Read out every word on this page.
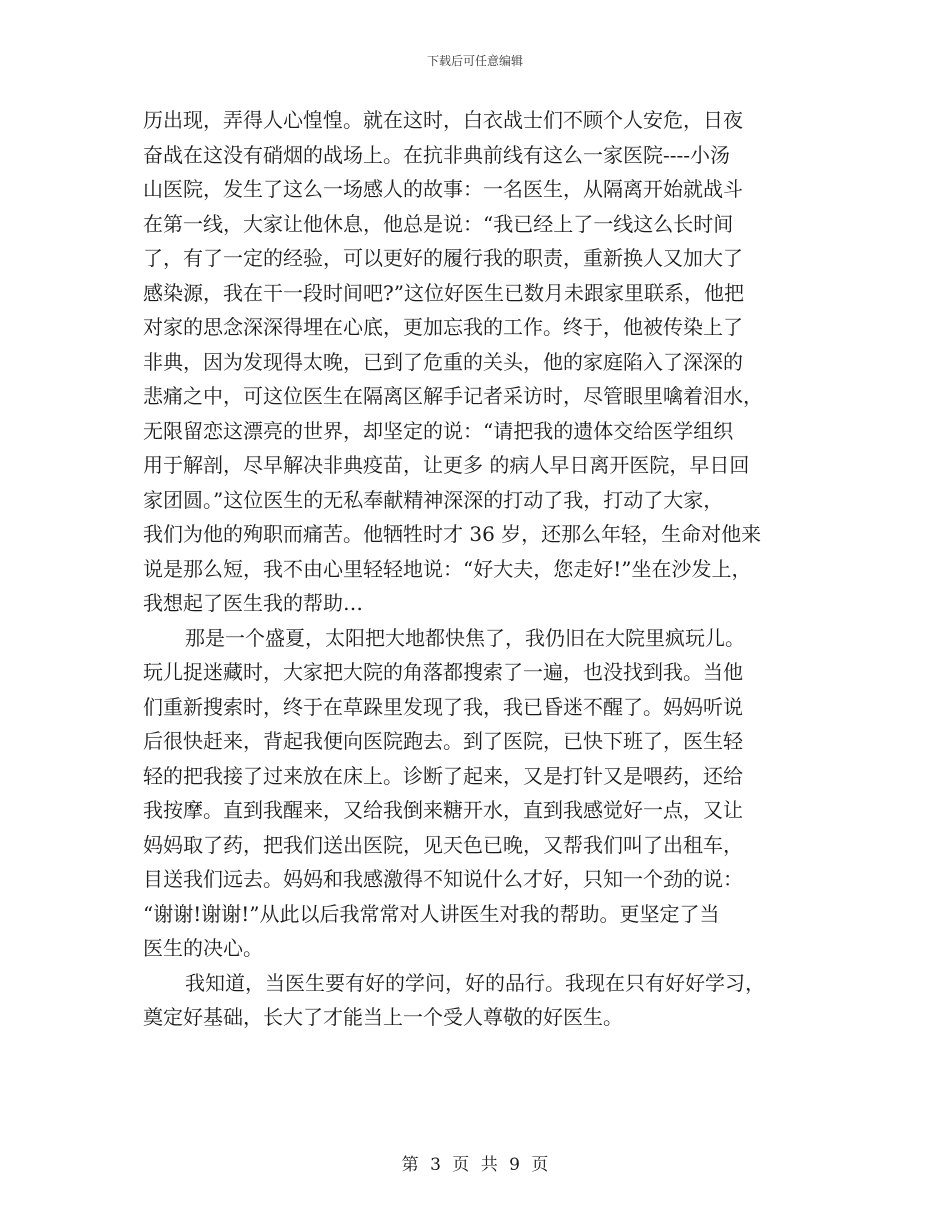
下载后可任意编辑
历出现，弄得人心惶惶。就在这时，白衣战士们不顾个人安危，日夜
奋战在这没有硝烟的战场上。在抗非典前线有这么一家医院----小汤
山医院，发生了这么一场感人的故事：一名医生，从隔离开始就战斗
在第一线，大家让他休息，他总是说：“我已经上了一线这么长时间
了，有了一定的经验，可以更好的履行我的职责，重新换人又加大了
感染源，我在干一段时间吧?”这位好医生已数月未跟家里联系，他把
对家的思念深深得埋在心底，更加忘我的工作。终于，他被传染上了
非典，因为发现得太晚，已到了危重的关头，他的家庭陷入了深深的
悲痛之中，可这位医生在隔离区解手记者采访时，尽管眼里噙着泪水，
无限留恋这漂亮的世界，却坚定的说：“请把我的遗体交给医学组织
用于解剖，尽早解决非典疫苗，让更多 的病人早日离开医院，早日回
家团圆。”这位医生的无私奉献精神深深的打动了我，打动了大家，
我们为他的殉职而痛苦。他牺牲时才 36 岁，还那么年轻，生命对他来
说是那么短，我不由心里轻轻地说：“好大夫，您走好!”坐在沙发上，
我想起了医生我的帮助…
那是一个盛夏，太阳把大地都快焦了，我仍旧在大院里疯玩儿。
玩儿捉迷藏时，大家把大院的角落都搜索了一遍，也没找到我。当他
们重新搜索时，终于在草跺里发现了我，我已昏迷不醒了。妈妈听说
后很快赶来，背起我便向医院跑去。到了医院，已快下班了，医生轻
轻的把我接了过来放在床上。诊断了起来，又是打针又是喂药，还给
我按摩。直到我醒来，又给我倒来糖开水，直到我感觉好一点，又让
妈妈取了药，把我们送出医院，见天色已晚，又帮我们叫了出租车，
目送我们远去。妈妈和我感激得不知说什么才好，只知一个劲的说：
“谢谢!谢谢!”从此以后我常常对人讲医生对我的帮助。更坚定了当
医生的决心。
我知道，当医生要有好的学问，好的品行。我现在只有好好学习，
奠定好基础，长大了才能当上一个受人尊敬的好医生。
第 3 页 共 9 页
